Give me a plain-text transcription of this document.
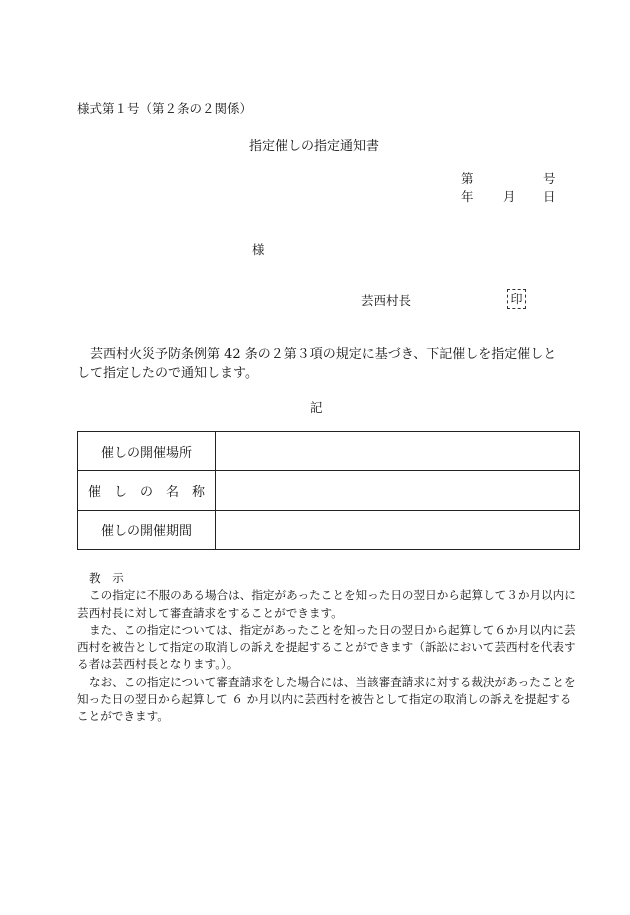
様式第１号（第２条の２関係）
指定催しの指定通知書
第	号
年 月 日
様
芸西村長	印

芸西村火災予防条例第 42 条の２第３項の規定に基づき、下記催しを指定催しとして指定したので通知します。

記
催しの開催場所	
催　し　の　名　称	
催しの開催期間	

教　示

この指定に不服のある場合は、指定があったことを知った日の翌日から起算して３か月以内に芸西村長に対して審査請求をすることができます。

また、この指定については、指定があったことを知った日の翌日から起算して６か月以内に芸西村を被告として指定の取消しの訴えを提起することができます（訴訟において芸西村を代表する者は芸西村長となります。）。

なお、この指定について審査請求をした場合には、当該審査請求に対する裁決があったことを知った日の翌日から起算して ６ か月以内に芸西村を被告として指定の取消しの訴えを提起することができます。
